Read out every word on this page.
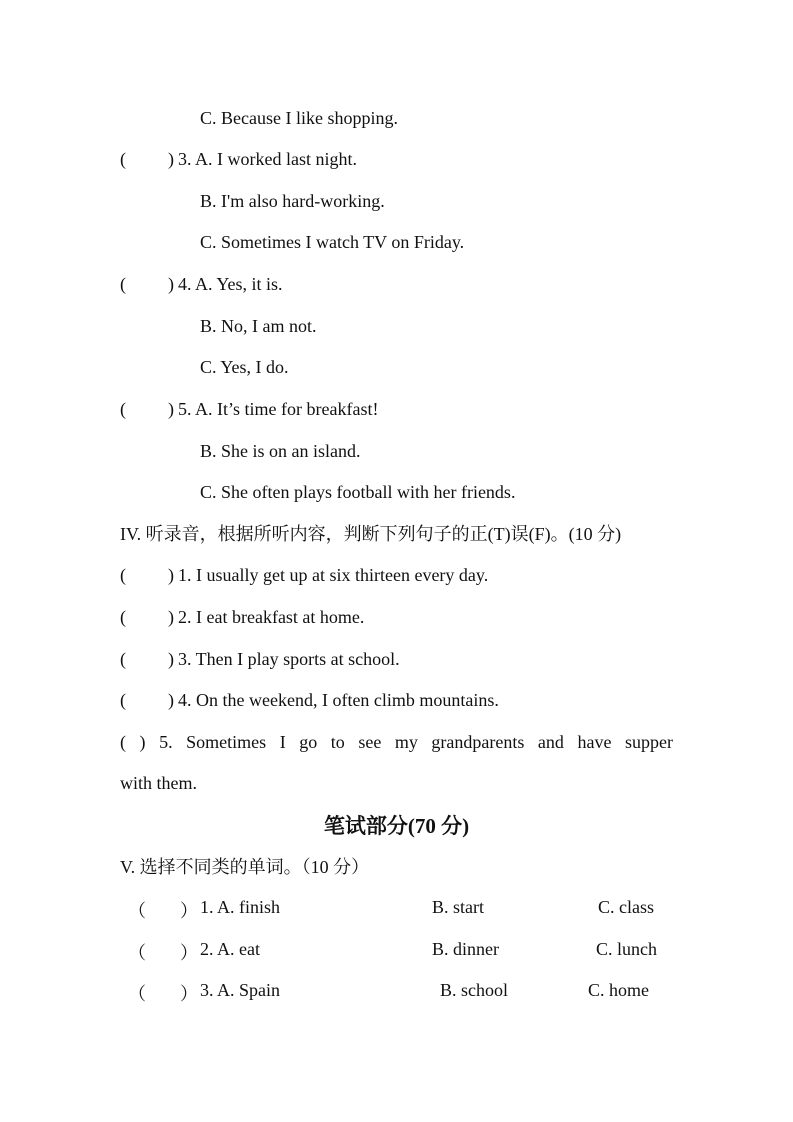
C. Because I like shopping.
( ) 3. A. I worked last night.
B. I'm also hard-working.
C. Sometimes I watch TV on Friday.
( ) 4. A. Yes, it is.
B. No, I am not.
C. Yes, I do.
( ) 5. A. It’s time for breakfast!
B. She is on an island.
C. She often plays football with her friends.
IV. 听录音，根据所听内容，判断下列句子的正(T)误(F)。(10 分)
( ) 1. I usually get up at six thirteen every day.
( ) 2. I eat breakfast at home.
( ) 3. Then I play sports at school.
( ) 4. On the weekend, I often climb mountains.
( ) 5. Sometimes I go to see my grandparents and have supper
with them.
笔试部分(70 分)
V. 选择不同类的单词。（10 分）
（ ） 1. A. finish	B. start	C. class
（ ） 2. A. eat	B. dinner	C. lunch
（ ） 3. A. Spain	B. school	C. home
